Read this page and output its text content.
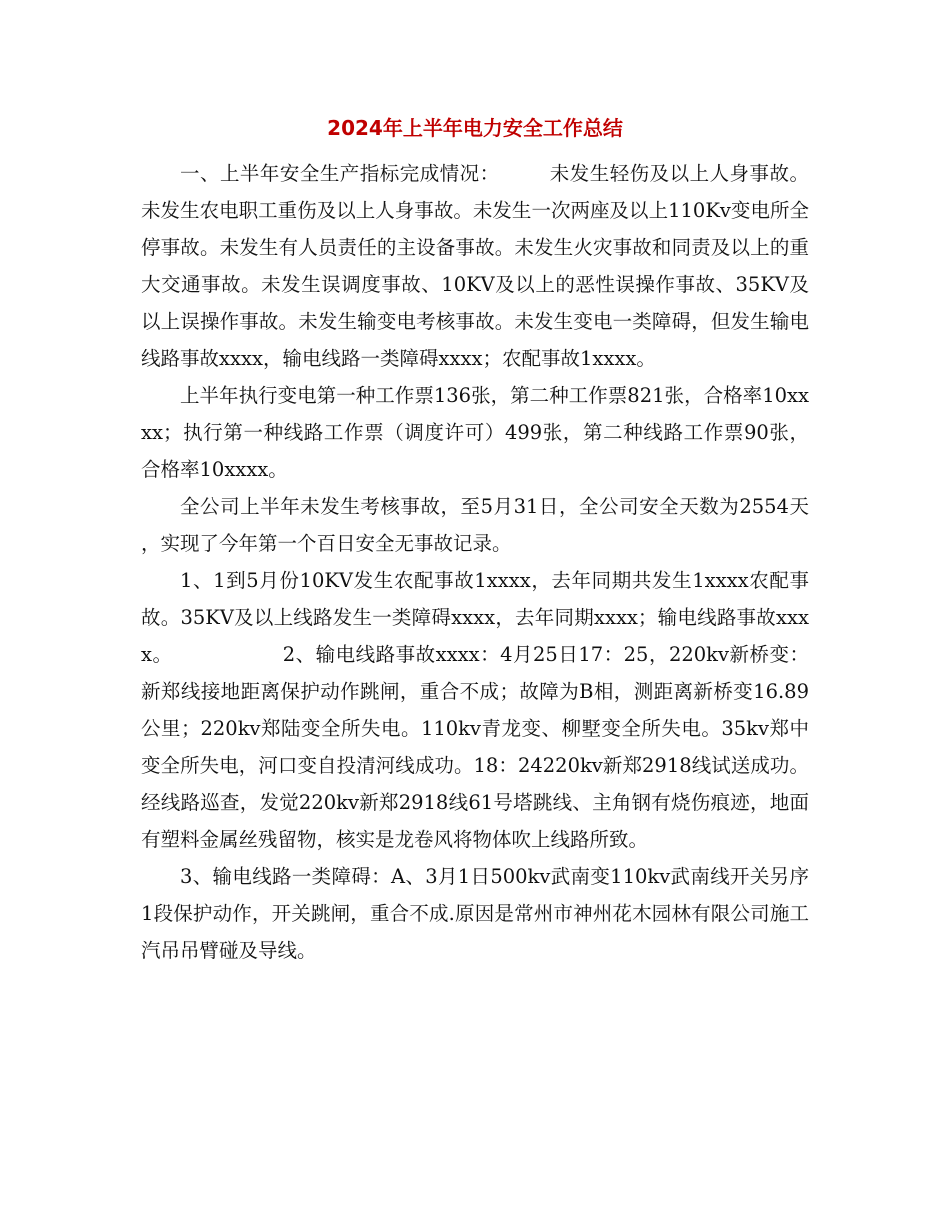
2024年上半年电力安全工作总结

一、上半年安全生产指标完成情况：　　　未发生轻伤及以上人身事故。未发生农电职工重伤及以上人身事故。未发生一次两座及以上110Kv变电所全停事故。未发生有人员责任的主设备事故。未发生火灾事故和同责及以上的重大交通事故。未发生误调度事故、10KV及以上的恶性误操作事故、35KV及以上误操作事故。未发生输变电考核事故。未发生变电一类障碍，但发生输电线路事故xxxx，输电线路一类障碍xxxx；农配事故1xxxx。

上半年执行变电第一种工作票136张，第二种工作票821张，合格率10xxxx；执行第一种线路工作票（调度许可）499张，第二种线路工作票90张，合格率10xxxx。

全公司上半年未发生考核事故，至5月31日，全公司安全天数为2554天，实现了今年第一个百日安全无事故记录。

1、1到5月份10KV发生农配事故1xxxx，去年同期共发生1xxxx农配事故。35KV及以上线路发生一类障碍xxxx，去年同期xxxx；输电线路事故xxxx。　　　　　　2、输电线路事故xxxx：4月25日17：25，220kv新桥变：新郑线接地距离保护动作跳闸，重合不成；故障为B相，测距离新桥变16.89公里；220kv郑陆变全所失电。110kv青龙变、柳墅变全所失电。35kv郑中变全所失电，河口变自投清河线成功。18：24220kv新郑2918线试送成功。经线路巡查，发觉220kv新郑2918线61号塔跳线、主角钢有烧伤痕迹，地面有塑料金属丝残留物，核实是龙卷风将物体吹上线路所致。

3、输电线路一类障碍：A、3月1日500kv武南变110kv武南线开关另序1段保护动作，开关跳闸，重合不成.原因是常州市神州花木园林有限公司施工汽吊吊臂碰及导线。
